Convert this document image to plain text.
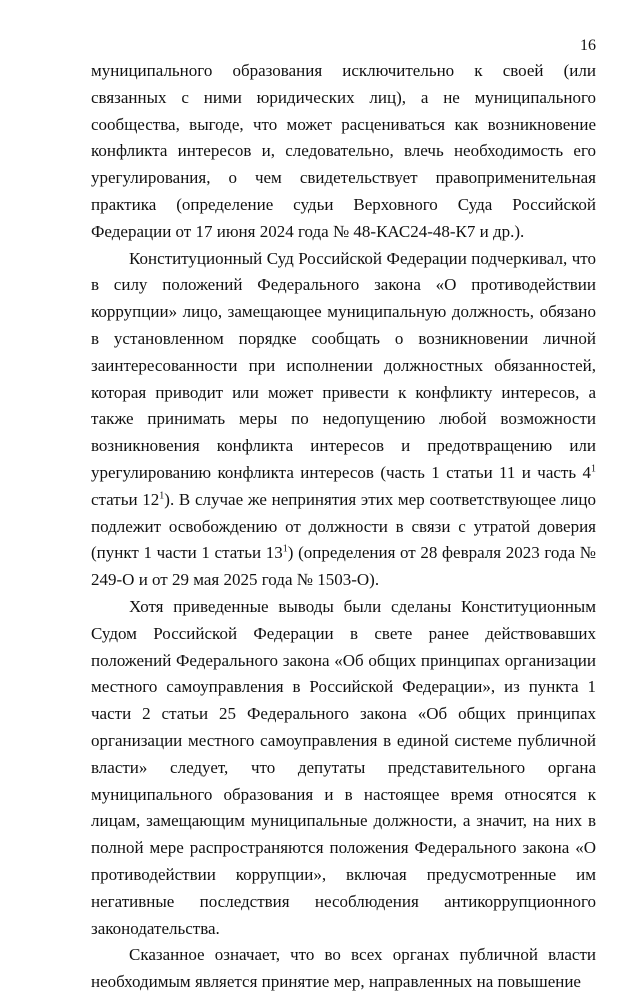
16

муниципального образования исключительно к своей (или связанных с ними юридических лиц), а не муниципального сообщества, выгоде, что может расцениваться как возникновение конфликта интересов и, следовательно, влечь необходимость его урегулирования, о чем свидетельствует правоприменительная практика (определение судьи Верховного Суда Российской Федерации от 17 июня 2024 года № 48-КАС24-48-К7 и др.).

Конституционный Суд Российской Федерации подчеркивал, что в силу положений Федерального закона «О противодействии коррупции» лицо, замещающее муниципальную должность, обязано в установленном порядке сообщать о возникновении личной заинтересованности при исполнении должностных обязанностей, которая приводит или может привести к конфликту интересов, а также принимать меры по недопущению любой возможности возникновения конфликта интересов и предотвращению или урегулированию конфликта интересов (часть 1 статьи 11 и часть $4^1$ статьи $12^1$). В случае же непринятия этих мер соответствующее лицо подлежит освобождению от должности в связи с утратой доверия (пункт 1 части 1 статьи $13^1$) (определения от 28 февраля 2023 года № 249-О и от 29 мая 2025 года № 1503-О).

Хотя приведенные выводы были сделаны Конституционным Судом Российской Федерации в свете ранее действовавших положений Федерального закона «Об общих принципах организации местного самоуправления в Российской Федерации», из пункта 1 части 2 статьи 25 Федерального закона «Об общих принципах организации местного самоуправления в единой системе публичной власти» следует, что депутаты представительного органа муниципального образования и в настоящее время относятся к лицам, замещающим муниципальные должности, а значит, на них в полной мере распространяются положения Федерального закона «О противодействии коррупции», включая предусмотренные им негативные последствия несоблюдения антикоррупционного законодательства.

Сказанное означает, что во всех органах публичной власти необходимым является принятие мер, направленных на повышение
